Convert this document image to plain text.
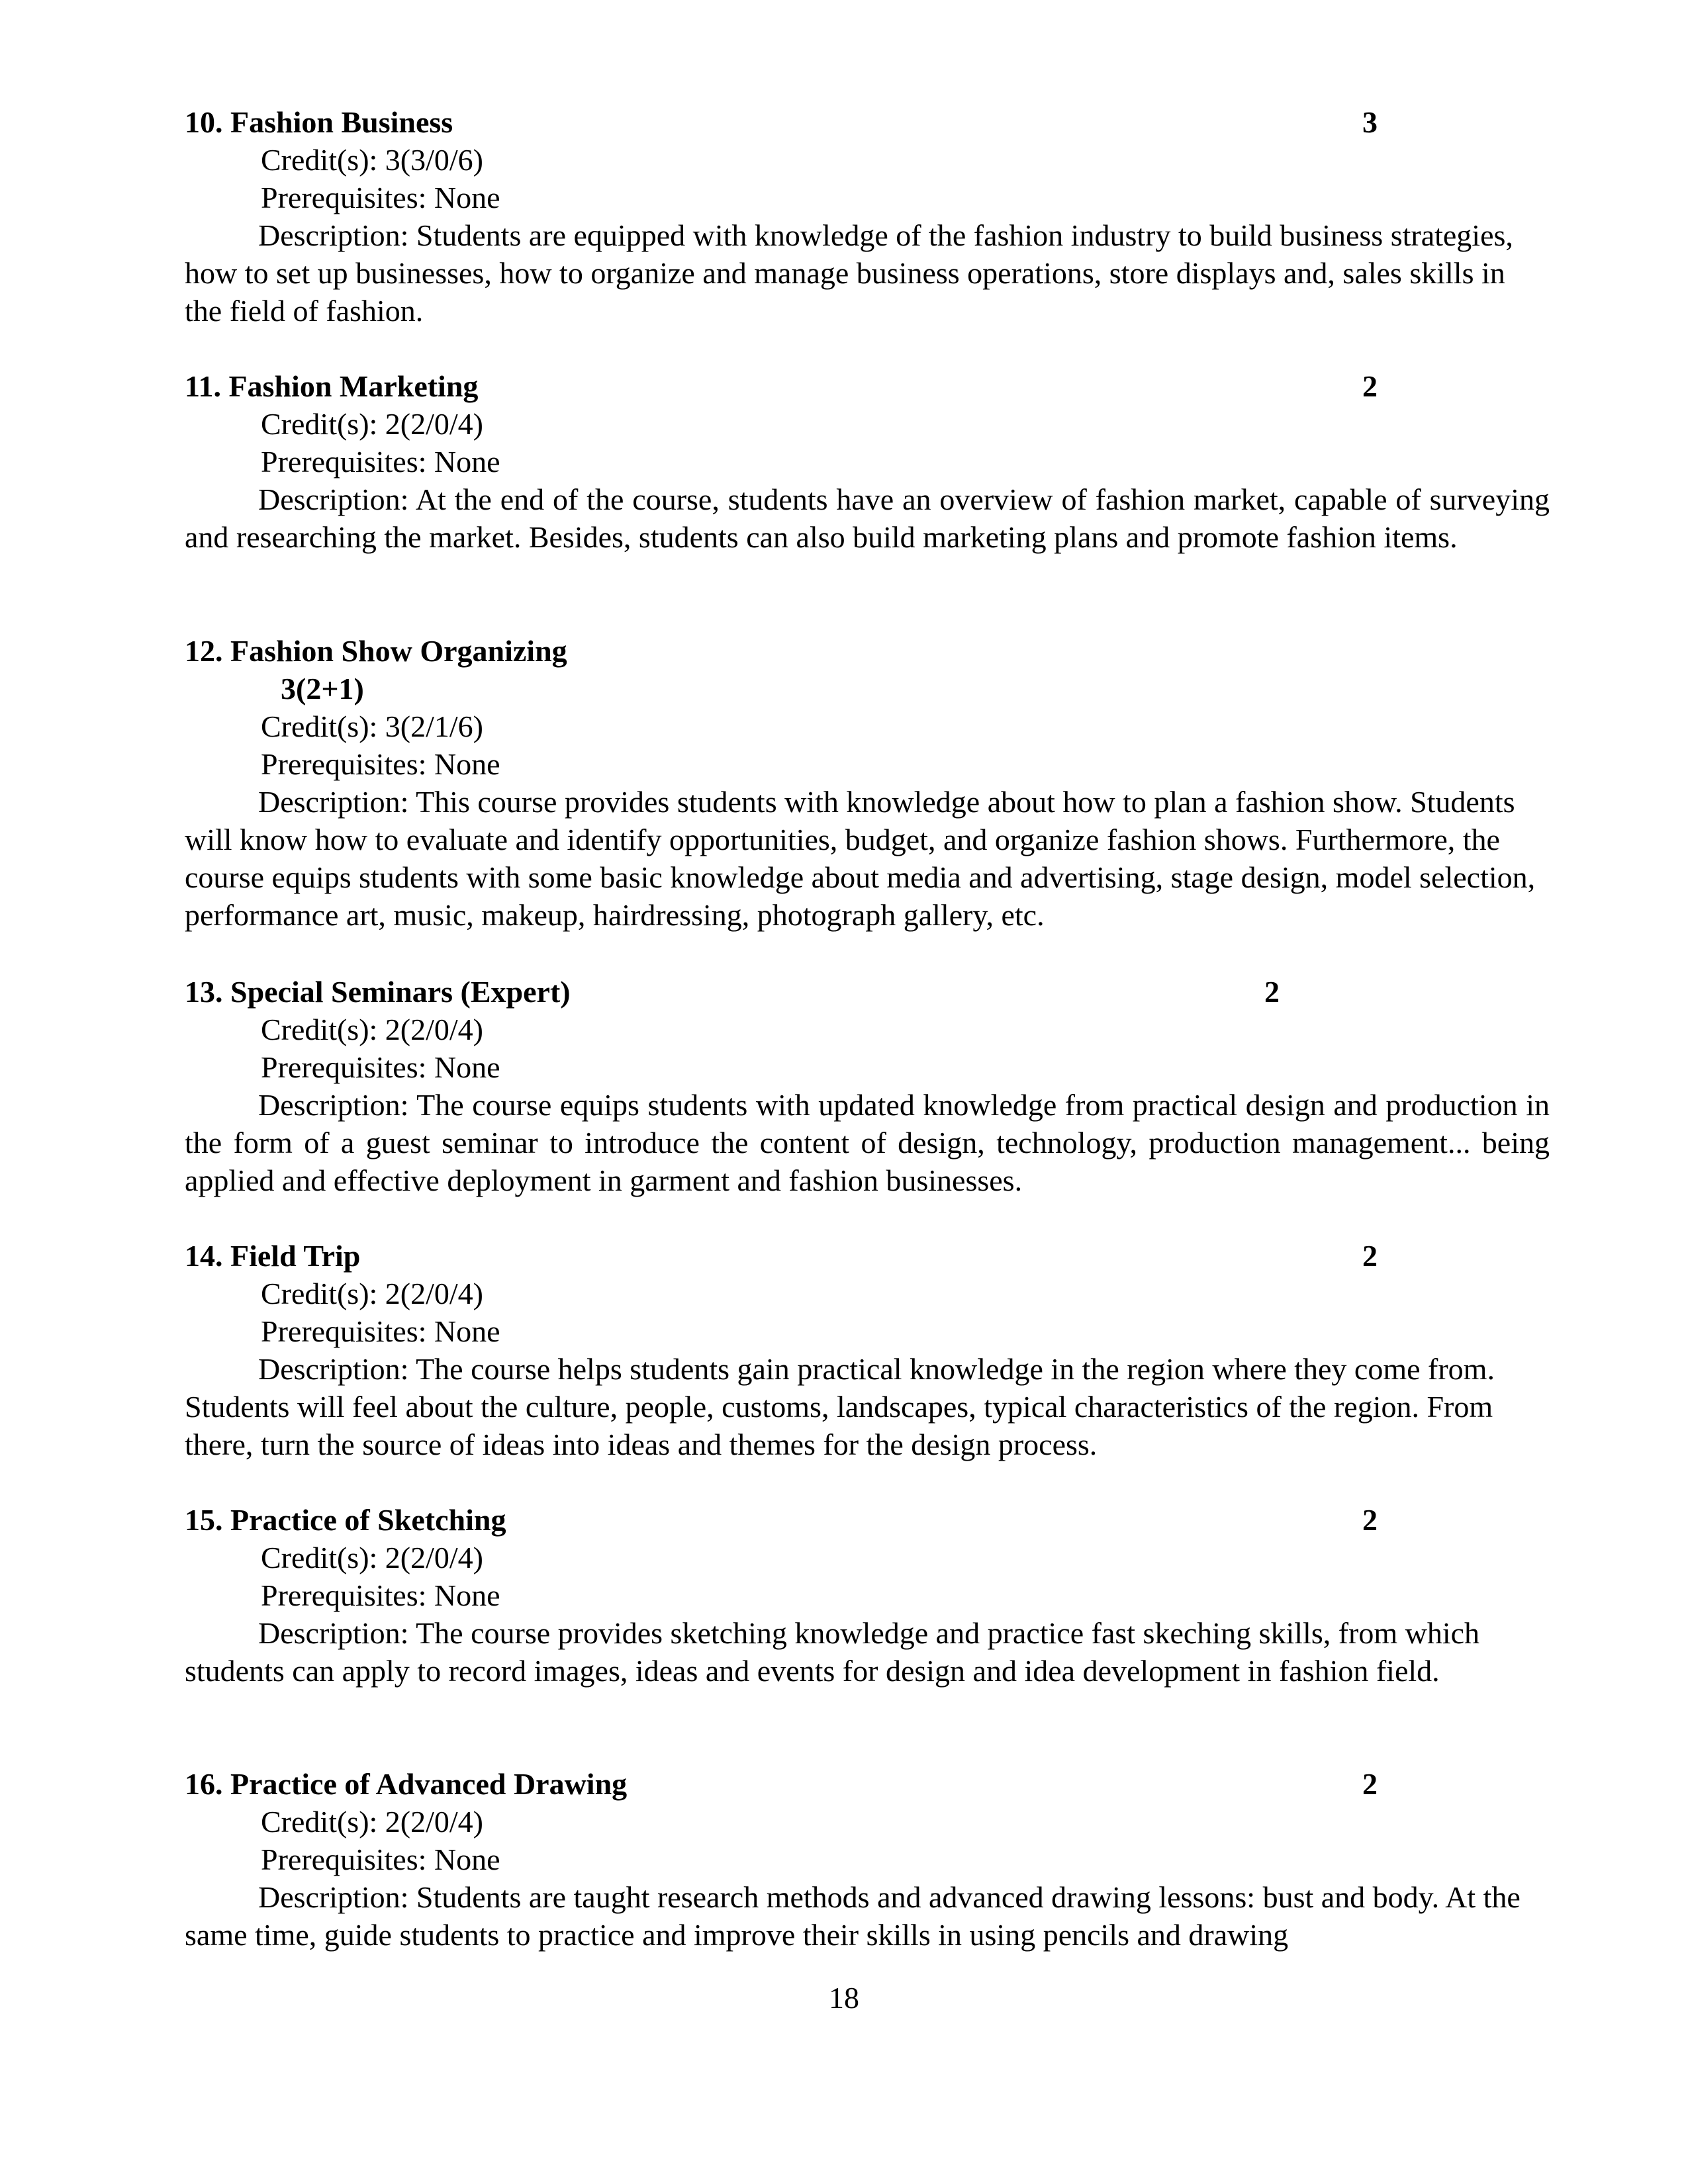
10. Fashion Business	3
Credit(s): 3(3/0/6)
Prerequisites: None

Description: Students are equipped with knowledge of the fashion industry to build business strategies, how to set up businesses, how to organize and manage business operations, store displays and, sales skills in the field of fashion.

11. Fashion Marketing	2
Credit(s): 2(2/0/4)
Prerequisites: None

Description: At the end of the course, students have an overview of fashion market, capable of surveying and researching the market. Besides, students can also build marketing plans and promote fashion items.

12. Fashion Show Organizing
3(2+1)
Credit(s): 3(2/1/6)
Prerequisites: None

Description: This course provides students with knowledge about how to plan a fashion show. Students will know how to evaluate and identify opportunities, budget, and organize fashion shows. Furthermore, the course equips students with some basic knowledge about media and advertising, stage design, model selection, performance art, music, makeup, hairdressing, photograph gallery, etc.

13. Special Seminars (Expert)	2
Credit(s): 2(2/0/4)
Prerequisites: None

Description: The course equips students with updated knowledge from practical design and production in the form of a guest seminar to introduce the content of design, technology, production management... being applied and effective deployment in garment and fashion businesses.

14. Field Trip	2
Credit(s): 2(2/0/4)
Prerequisites: None

Description: The course helps students gain practical knowledge in the region where they come from. Students will feel about the culture, people, customs, landscapes, typical characteristics of the region. From there, turn the source of ideas into ideas and themes for the design process.

15. Practice of Sketching	2
Credit(s): 2(2/0/4)
Prerequisites: None

Description: The course provides sketching knowledge and practice fast skeching skills, from which students can apply to record images, ideas and events for design and idea development in fashion field.

16. Practice of Advanced Drawing	2
Credit(s): 2(2/0/4)
Prerequisites: None

Description: Students are taught research methods and advanced drawing lessons: bust and body. At the same time, guide students to practice and improve their skills in using pencils and drawing

18
